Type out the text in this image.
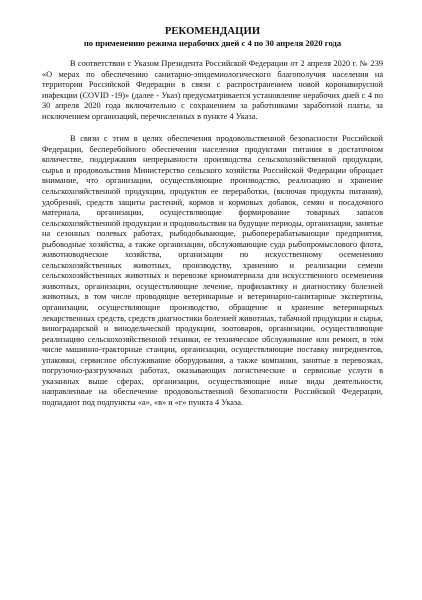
РЕКОМЕНДАЦИИ

по применению режима нерабочих дней с 4 по 30 апреля 2020 года

В соответствии с Указом Президента Российской Федерации от 2 апреля 2020 г. № 239 «О мерах по обеспечению санитарно-эпидемиологического благополучия населения на территории Российской Федерации в связи с распространением новой коронавирусной инфекции (COVID -19)» (далее - Указ) предусматривается установление нерабочих дней с 4 по 30 апреля 2020 года включительно с сохранением за работниками заработной платы, за исключением организаций, перечисленных в пункте 4 Указа.

В связи с этим в целях обеспечения продовольственной безопасности Российской Федерации, бесперебойного обеспечения населения продуктами питания в достаточном количестве, поддержания непрерывности производства сельскохозяйственной продукции, сырья и продовольствия Министерство сельского хозяйства Российской Федерации обращает внимание, что организации, осуществляющие производство, реализацию и хранение сельскохозяйственной продукции, продуктов ее переработки, (включая продукты питания), удобрений, средств защиты растений, кормов и кормовых добавок, семян и посадочного материала, организации, осуществляющие формирование товарных запасов сельскохозяйственной продукции и продовольствия на будущие периоды, организации, занятые на сезонных полевых работах, рыбодобывающие, рыбоперерабатывающие предприятия, рыбоводные хозяйства, а также организации, обслуживающие суда рыбопромыслового флота, животноводческие хозяйства, организации по искусственному осеменению сельскохозяйственных животных, производству, хранению и реализации семени сельскохозяйственных животных и перевозке криоматериала для искусственного осеменения животных, организации, осуществляющие лечение, профилактику и диагностику болезней животных, в том числе проводящие ветеринарные и ветеринарно-санитарные экспертизы, организации, осуществляющие производство, обращение и хранение ветеринарных лекарственных средств, средств диагностики болезней животных, табачной продукции и сырья, виноградарской и винодельческой продукции, зоотоваров, организации, осуществляющие реализацию сельскохозяйственной техники, ее техническое обслуживание или ремонт, в том числе машинно-тракторные станции, организации, осуществляющие поставку ингредиентов, упаковки, сервисное обслуживание оборудования, а также компании, занятые в перевозках, погрузочно-разгрузочных работах, оказывающих логистические и сервисные услуги в указанных выше сферах, организации, осуществляющие иные виды деятельности, направленные на обеспечение продовольственной безопасности Российской Федерации, подпадают под подпункты «а», «в» и «г» пункта 4 Указа.
